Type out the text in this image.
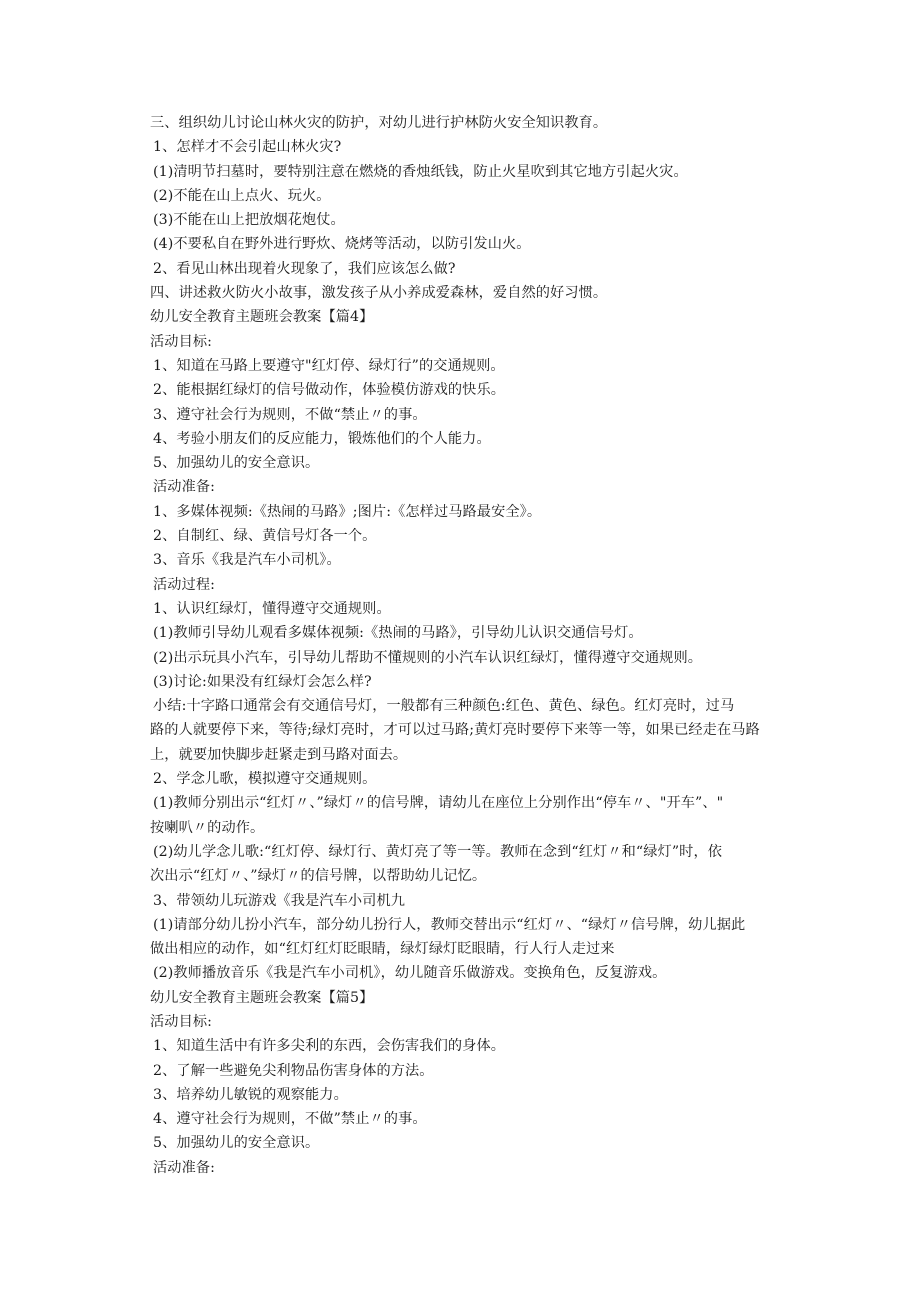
三、组织幼儿讨论山林火灾的防护，对幼儿进行护林防火安全知识教育。
1、怎样才不会引起山林火灾?
(1)清明节扫墓时，要特别注意在燃烧的香烛纸钱，防止火星吹到其它地方引起火灾。
(2)不能在山上点火、玩火。
(3)不能在山上把放烟花炮仗。
(4)不要私自在野外进行野炊、烧烤等活动，以防引发山火。
2、看见山林出现着火现象了，我们应该怎么做?
四、讲述救火防火小故事，激发孩子从小养成爱森林，爱自然的好习惯。
幼儿安全教育主题班会教案【篇4】
活动目标:
1、知道在马路上要遵守"红灯停、绿灯行”的交通规则。
2、能根据红绿灯的信号做动作，体验模仿游戏的快乐。
3、遵守社会行为规则，不做“禁止〃的事。
4、考验小朋友们的反应能力，锻炼他们的个人能力。
5、加强幼儿的安全意识。
活动准备:
1、多媒体视频:《热闹的马路》;图片:《怎样过马路最安全》。
2、自制红、绿、黄信号灯各一个。
3、音乐《我是汽车小司机》。
活动过程:
1、认识红绿灯，懂得遵守交通规则。
(1)教师引导幼儿观看多媒体视频:《热闹的马路》，引导幼儿认识交通信号灯。
(2)出示玩具小汽车，引导幼儿帮助不懂规则的小汽车认识红绿灯，懂得遵守交通规则。
(3)讨论:如果没有红绿灯会怎么样?
小结:十字路口通常会有交通信号灯，一般都有三种颜色:红色、黄色、绿色。红灯亮时，过马
路的人就要停下来，等待;绿灯亮时，才可以过马路;黄灯亮时要停下来等一等，如果已经走在马路
上，就要加快脚步赶紧走到马路对面去。
2、学念儿歌，模拟遵守交通规则。
(1)教师分别出示“红灯〃、”绿灯〃的信号牌，请幼儿在座位上分别作出“停车〃、"开车”、"
按喇叭〃的动作。
(2)幼儿学念儿歌:“红灯停、绿灯行、黄灯亮了等一等。教师在念到“红灯〃和“绿灯”时，依
次出示“红灯〃、”绿灯〃的信号牌，以帮助幼儿记忆。
3、带领幼儿玩游戏《我是汽车小司机九
(1)请部分幼儿扮小汽车，部分幼儿扮行人，教师交替出示“红灯〃、“绿灯〃信号牌，幼儿据此
做出相应的动作，如“红灯红灯眨眼睛，绿灯绿灯眨眼睛，行人行人走过来
(2)教师播放音乐《我是汽车小司机》，幼儿随音乐做游戏。变换角色，反复游戏。
幼儿安全教育主题班会教案【篇5】
活动目标:
1、知道生活中有许多尖利的东西，会伤害我们的身体。
2、了解一些避免尖利物品伤害身体的方法。
3、培养幼儿敏锐的观察能力。
4、遵守社会行为规则，不做”禁止〃的事。
5、加强幼儿的安全意识。
活动准备:
